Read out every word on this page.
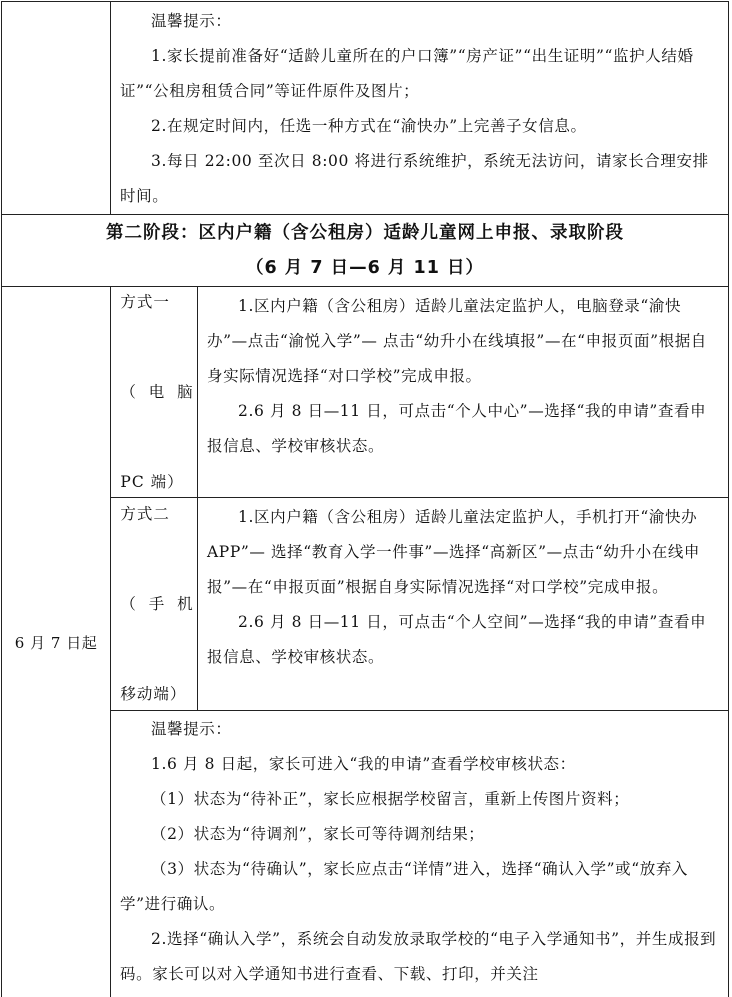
温馨提示：

1.家长提前准备好“适龄儿童所在的户口簿”“房产证”“出生证明”“监护人结婚证”“公租房租赁合同”等证件原件及图片；

2.在规定时间内，任选一种方式在“渝快办”上完善子女信息。

3.每日 22:00 至次日 8:00 将进行系统维护，系统无法访问，请家长合理安排时间。

第二阶段：区内户籍（含公租房）适龄儿童网上申报、录取阶段
（6 月 7 日—6 月 11 日）
6 月 7 日起

方式一

（  电  脑

PC 端）

1.区内户籍（含公租房）适龄儿童法定监护人，电脑登录“渝快办”—点击“渝悦入学”— 点击“幼升小在线填报”—在“申报页面”根据自身实际情况选择“对口学校”完成申报。

2.6 月 8 日—11 日，可点击“个人中心”—选择“我的申请”查看申报信息、学校审核状态。

方式二

（  手  机

移动端）

1.区内户籍（含公租房）适龄儿童法定监护人，手机打开“渝快办 APP”— 选择“教育入学一件事”—选择“高新区”—点击“幼升小在线申报”—在“申报页面”根据自身实际情况选择“对口学校”完成申报。

2.6 月 8 日—11 日，可点击“个人空间”—选择“我的申请”查看申报信息、学校审核状态。

温馨提示：

1.6 月 8 日起，家长可进入“我的申请”查看学校审核状态：

（1）状态为“待补正”，家长应根据学校留言，重新上传图片资料；

（2）状态为“待调剂”，家长可等待调剂结果；

（3）状态为“待确认”，家长应点击“详情”进入，选择“确认入学”或“放弃入学”进行确认。

2.选择“确认入学”，系统会自动发放录取学校的“电子入学通知书”，并生成报到码。家长可以对入学通知书进行查看、下载、打印，并关注
